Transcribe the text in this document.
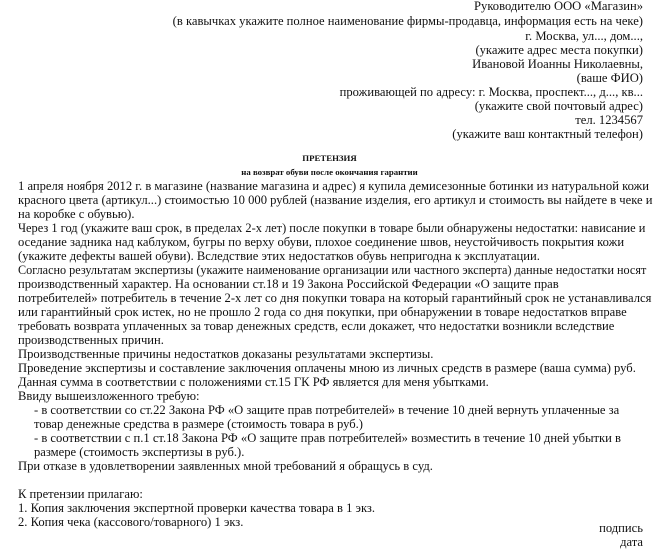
Руководителю ООО «Магазин»
(в кавычках укажите полное наименование фирмы-продавца, информация есть на чеке)
г. Москва, ул..., дом...,
(укажите адрес места покупки)
Ивановой Иоанны Николаевны,
(ваше ФИО)
проживающей по адресу: г. Москва, проспект..., д..., кв...
(укажите свой почтовый адрес)
тел. 1234567
(укажите ваш контактный телефон)
ПРЕТЕНЗИЯ
на возврат обуви после окончания гарантии
1 апреля ноября 2012 г. в магазине (название магазина и адрес) я купила демисезонные ботинки из натуральной кожи
красного цвета (артикул...) стоимостью 10 000 рублей (название изделия, его артикул и стоимость вы найдете в чеке и
на коробке с обувью).
Через 1 год (укажите ваш срок, в пределах 2-х лет) после покупки в товаре были обнаружены недостатки: нависание и
оседание задника над каблуком, бугры по верху обуви, плохое соединение швов, неустойчивость покрытия кожи
(укажите дефекты вашей обуви). Вследствие этих недостатков обувь непригодна к эксплуатации.
Согласно результатам экспертизы (укажите наименование организации или частного эксперта) данные недостатки носят
производственный характер. На основании ст.18 и 19 Закона Российской Федерации «О защите прав
потребителей» потребитель в течение 2-х лет со дня покупки товара на который гарантийный срок не устанавливался
или гарантийный срок истек, но не прошло 2 года со дня покупки, при обнаружении в товаре недостатков вправе
требовать возврата уплаченных за товар денежных средств, если докажет, что недостатки возникли вследствие
производственных причин.
Производственные причины недостатков доказаны результатами экспертизы.
Проведение экспертизы и составление заключения оплачены мною из личных средств в размере (ваша сумма) руб.
Данная сумма в соответствии с положениями ст.15 ГК РФ является для меня убытками.
Ввиду вышеизложенного требую:
- в соответствии со ст.22 Закона РФ «О защите прав потребителей» в течение 10 дней вернуть уплаченные за
товар денежные средства в размере (стоимость товара в руб.)
- в соответствии с п.1 ст.18 Закона РФ «О защите прав потребителей» возместить в течение 10 дней убытки в
размере (стоимость экспертизы в руб.).
При отказе в удовлетворении заявленных мной требований я обращусь в суд.
К претензии прилагаю:
1. Копия заключения экспертной проверки качества товара в 1 экз.
2. Копия чека (кассового/товарного) 1 экз.	подпись
дата
